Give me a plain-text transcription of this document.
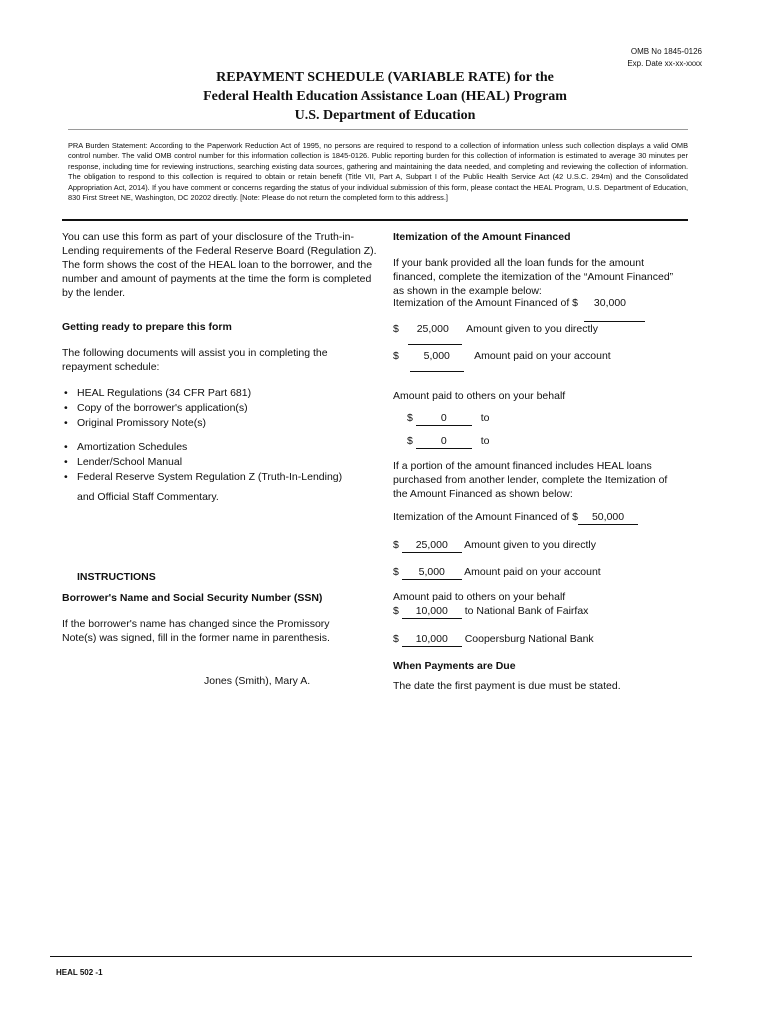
OMB No 1845-0126
Exp. Date xx-xx-xxxx
REPAYMENT SCHEDULE (VARIABLE RATE) for the
Federal Health Education Assistance Loan (HEAL) Program
U.S. Department of Education
PRA Burden Statement: According to the Paperwork Reduction Act of 1995, no persons are required to respond to a collection of information unless such collection displays a valid OMB control number. The valid OMB control number for this information collection is 1845-0126. Public reporting burden for this collection of information is estimated to average 30 minutes per response, including time for reviewing instructions, searching existing data sources, gathering and maintaining the data needed, and completing and reviewing the collection of information. The obligation to respond to this collection is required to obtain or retain benefit (Title VII, Part A, Subpart I of the Public Health Service Act (42 U.S.C. 294m) and the Consolidated Appropriation Act, 2014). If you have comment or concerns regarding the status of your individual submission of this form, please contact the HEAL Program, U.S. Department of Education, 830 First Street NE, Washington, DC 20202 directly. [Note: Please do not return the completed form to this address.]
You can use this form as part of your disclosure of the Truth-in-Lending requirements of the Federal Reserve Board (Regulation Z). The form shows the cost of the HEAL loan to the borrower, and the number and amount of payments at the time the form is completed by the lender.
Getting ready to prepare this form
The following documents will assist you in completing the repayment schedule:
• HEAL Regulations (34 CFR Part 681)
• Copy of the borrower's application(s)
• Original Promissory Note(s)
• Amortization Schedules
• Lender/School Manual
• Federal Reserve System Regulation Z (Truth-In-Lending)
and Official Staff Commentary.
INSTRUCTIONS
Borrower's Name and Social Security Number (SSN)
If the borrower's name has changed since the Promissory Note(s) was signed, fill in the former name in parenthesis.
Jones (Smith), Mary A.
Itemization of the Amount Financed
If your bank provided all the loan funds for the amount financed, complete the itemization of the “Amount Financed” as shown in the example below:
Itemization of the Amount Financed of $ 30,000
$ 25,000 Amount given to you directly
$ 5,000 Amount paid on your account
Amount paid to others on your behalf
$	0	to
$	0	to
If a portion of the amount financed includes HEAL loans purchased from another lender, complete the Itemization of the Amount Financed as shown below:
Itemization of the Amount Financed of $ 50,000
$ 25,000 Amount given to you directly
$ 5,000 Amount paid on your account
Amount paid to others on your behalf
$ 10,000 to National Bank of Fairfax
$ 10,000 Coopersburg National Bank
When Payments are Due
The date the first payment is due must be stated.
HEAL 502 -1
